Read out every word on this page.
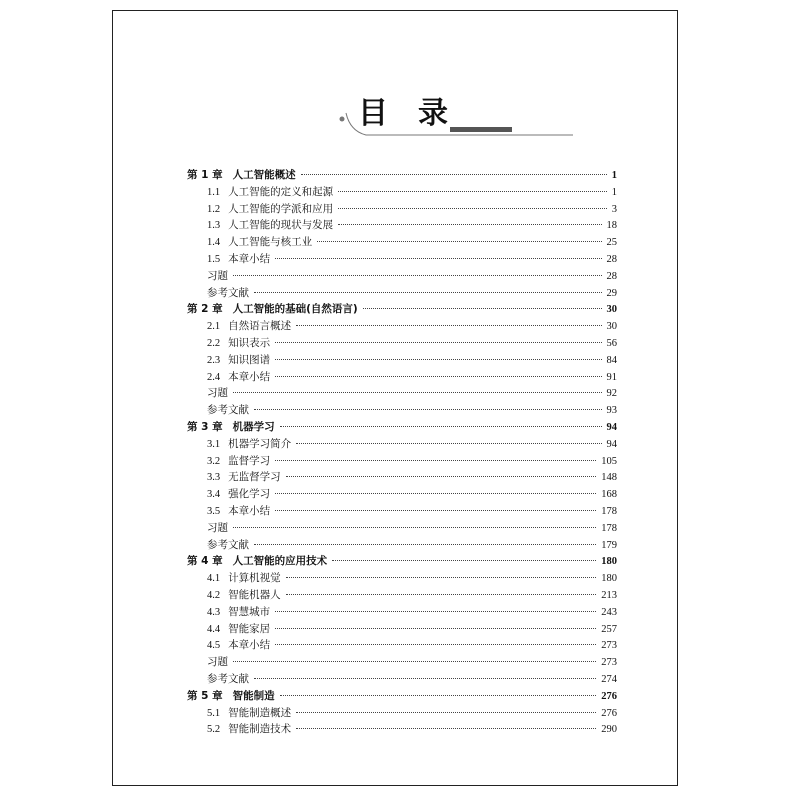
目录
第 1 章 人工智能概述	1
1.1 人工智能的定义和起源	1
1.2 人工智能的学派和应用	3
1.3 人工智能的现状与发展	18
1.4 人工智能与核工业	25
1.5 本章小结	28
习题	28
参考文献	29
第 2 章 人工智能的基础(自然语言)	30
2.1 自然语言概述	30
2.2 知识表示	56
2.3 知识图谱	84
2.4 本章小结	91
习题	92
参考文献	93
第 3 章 机器学习	94
3.1 机器学习简介	94
3.2 监督学习	105
3.3 无监督学习	148
3.4 强化学习	168
3.5 本章小结	178
习题	178
参考文献	179
第 4 章 人工智能的应用技术	180
4.1 计算机视觉	180
4.2 智能机器人	213
4.3 智慧城市	243
4.4 智能家居	257
4.5 本章小结	273
习题	273
参考文献	274
第 5 章 智能制造	276
5.1 智能制造概述	276
5.2 智能制造技术	290
